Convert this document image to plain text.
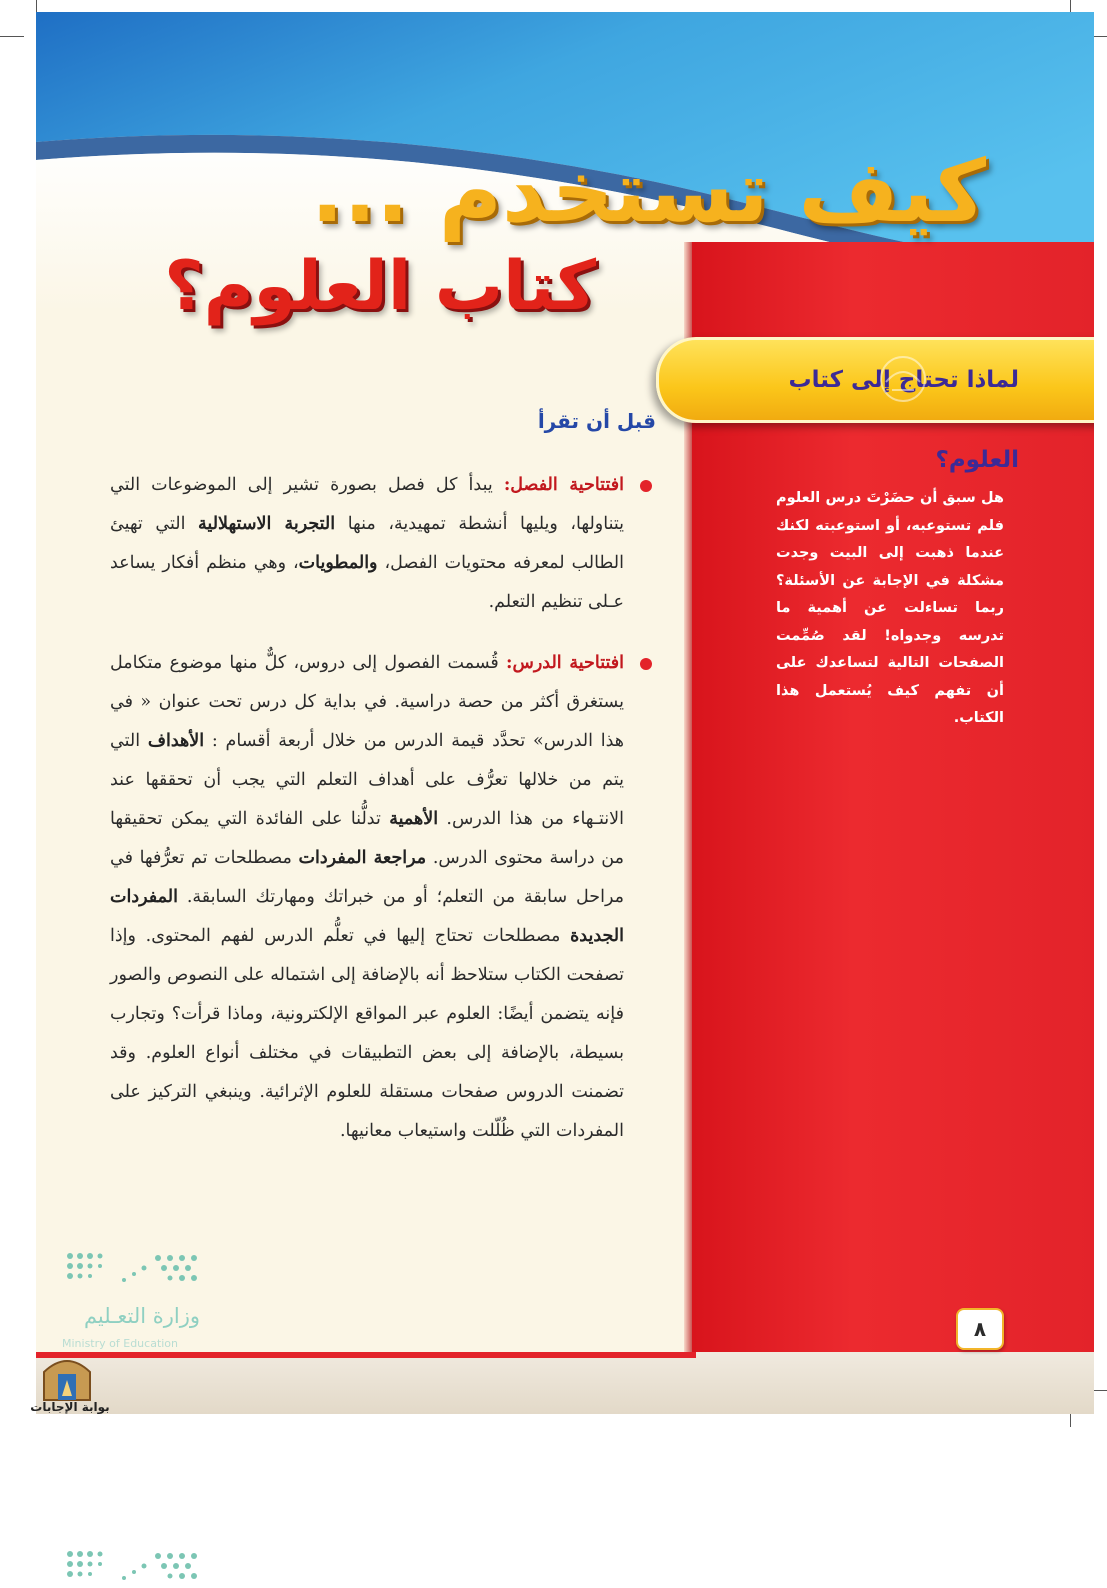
كيف تستخدم ...
كتاب العلوم؟
لماذا تحتاج إلى كتاب العلوم؟
قبل أن تقرأ

افتتاحية الفصل: يبدأ كل فصل بصورة تشير إلى الموضوعات التي يتناولها، ويليها أنشطة تمهيدية، منها التجربة الاستهلالية التي تهيئ الطالب لمعرفه محتويات الفصل، والمطويات، وهي منظم أفكار يساعد عـلى تنظيم التعلم.

افتتاحية الدرس: قُسمت الفصول إلى دروس، كلٌّ منها موضوع متكامل يستغرق أكثر من حصة دراسية. في بداية كل درس تحت عنوان « في هذا الدرس» تحدَّد قيمة الدرس من خلال أربعة أقسام : الأهداف التي يتم من خلالها تعرُّف على أهداف التعلم التي يجب أن تحققها عند الانتـهاء من هذا الدرس. الأهمية تدلُّنا على الفائدة التي يمكن تحقيقها من دراسة محتوى الدرس. مراجعة المفردات مصطلحات تم تعرُّفها في مراحل سابقة من التعلم؛ أو من خبراتك ومهارتك السابقة. المفردات الجديدة مصطلحات تحتاج إليها في تعلُّم الدرس لفهم المحتوى. وإذا تصفحت الكتاب ستلاحظ أنه بالإضافة إلى اشتماله على النصوص والصور فإنه يتضمن أيضًا: العلوم عبر المواقع الإلكترونية، وماذا قرأت؟ وتجارب بسيطة، بالإضافة إلى بعض التطبيقات في مختلف أنواع العلوم. وقد تضمنت الدروس صفحات مستقلة للعلوم الإثرائية. وينبغي التركيز على المفردات التي ظُلّلت واستيعاب معانيها.

هل سبق أن حضَرْتَ درس العلوم فلم تستوعبه، أو استوعبته لكنك عندما ذهبت إلى البيت وجدت مشكلة في الإجابة عن الأسئلة؟ ربما تساءلت عن أهمية ما تدرسه وجدواه! لقد صُمِّمت الصفحات التالية لتساعدك على أن تفهم كيف يُستعمل هذا الكتاب.

٨
وزارة التعـليم
Ministry of Education
بوابة الإجابات
